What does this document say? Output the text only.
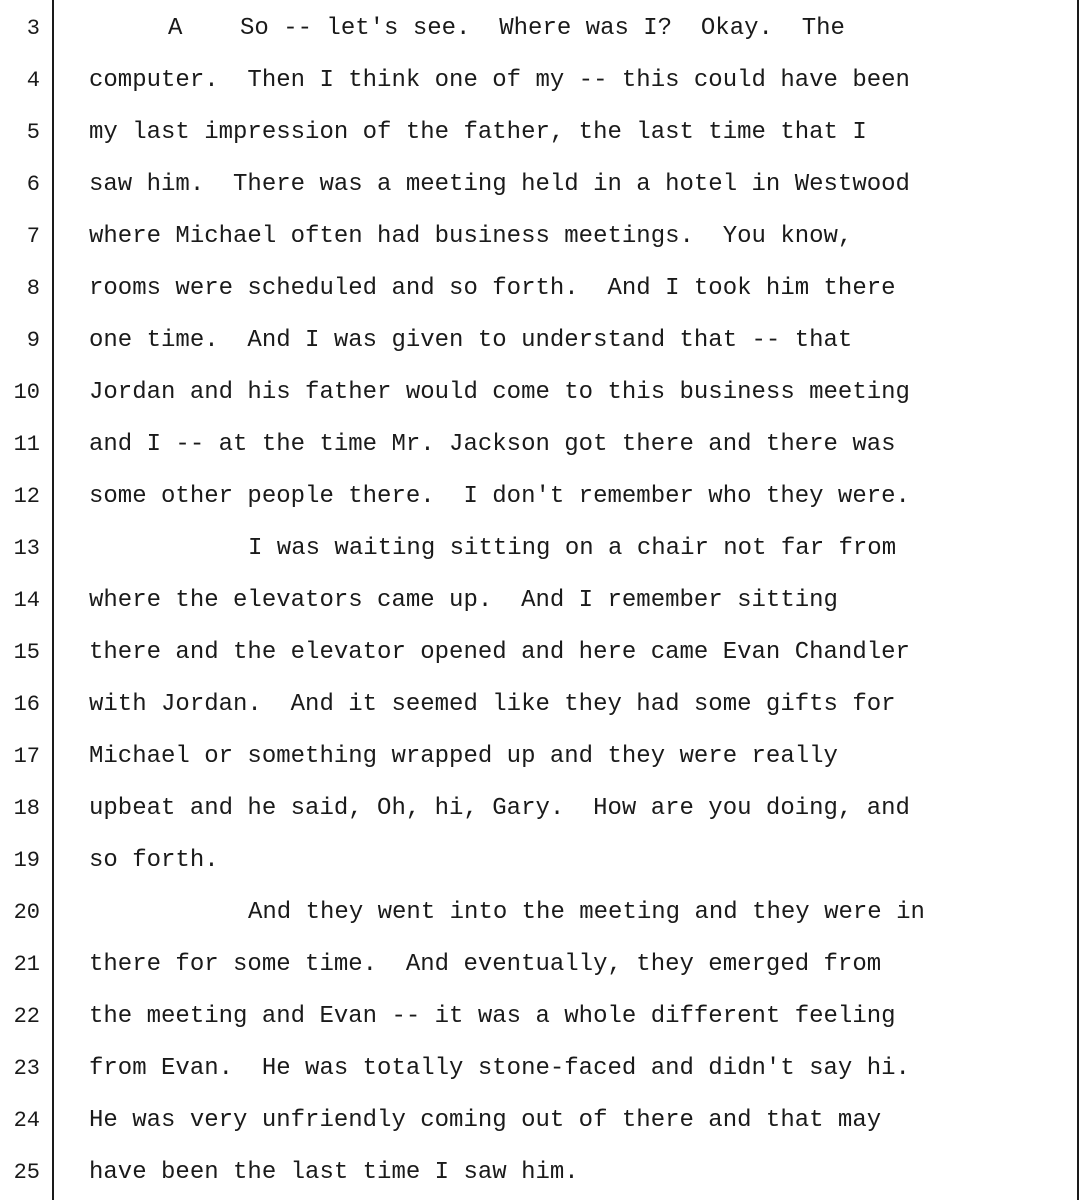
3	A    So -- let's see.  Where was I?  Okay.  The
4 computer.  Then I think one of my -- this could have been
5 my last impression of the father, the last time that I
6 saw him.  There was a meeting held in a hotel in Westwood
7 where Michael often had business meetings.  You know,
8 rooms were scheduled and so forth.  And I took him there
9 one time.  And I was given to understand that -- that
10 Jordan and his father would come to this business meeting
11 and I -- at the time Mr. Jackson got there and there was
12 some other people there.  I don't remember who they were.
13	I was waiting sitting on a chair not far from
14 where the elevators came up.  And I remember sitting
15 there and the elevator opened and here came Evan Chandler
16 with Jordan.  And it seemed like they had some gifts for
17 Michael or something wrapped up and they were really
18 upbeat and he said, Oh, hi, Gary.  How are you doing, and
19 so forth.
20	And they went into the meeting and they were in
21 there for some time.  And eventually, they emerged from
22 the meeting and Evan -- it was a whole different feeling
23 from Evan.  He was totally stone-faced and didn't say hi.
24 He was very unfriendly coming out of there and that may
25 have been the last time I saw him.
